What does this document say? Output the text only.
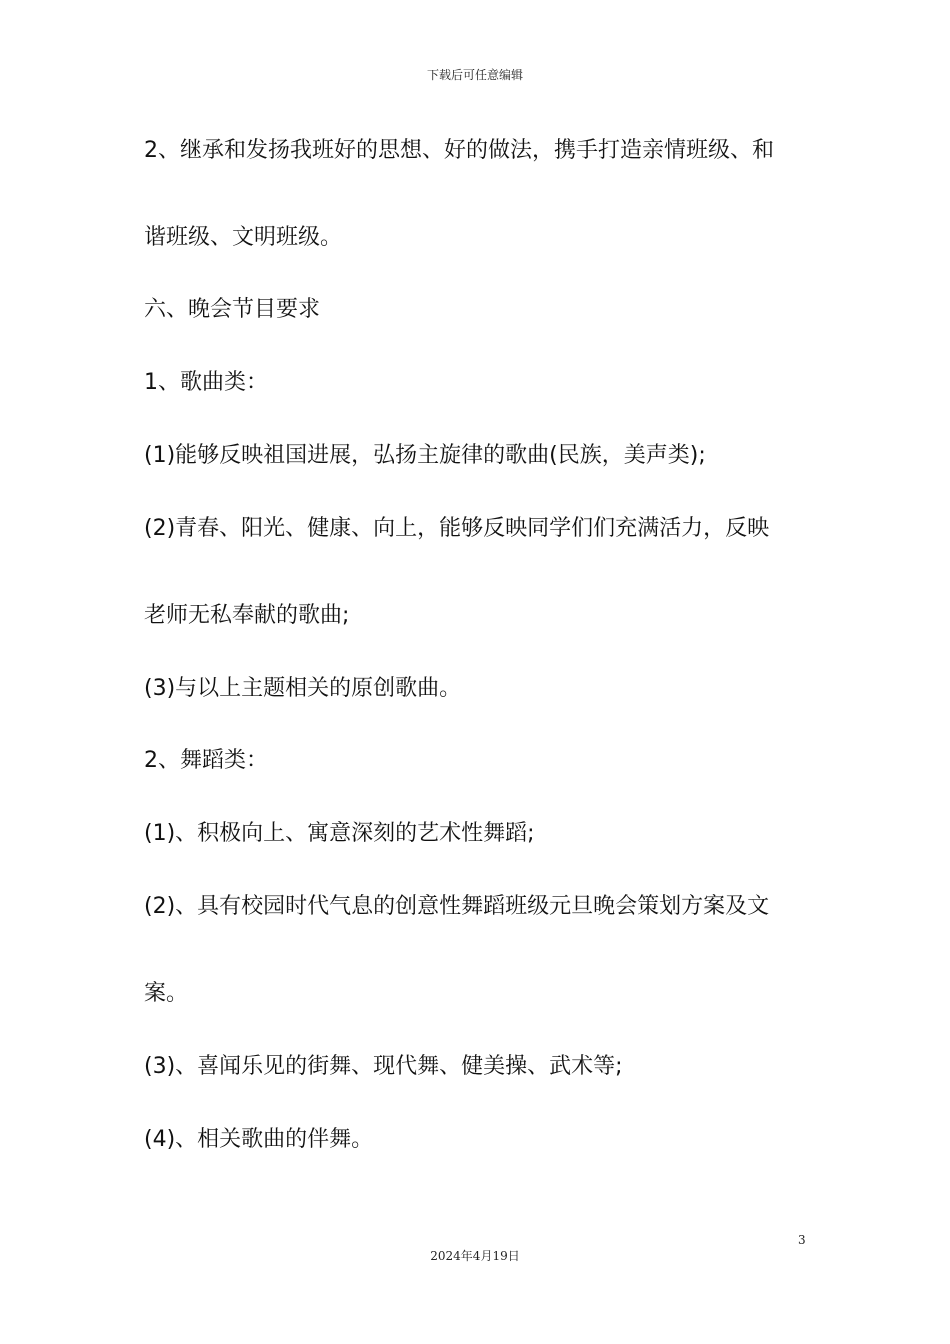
下载后可任意编辑
2、继承和发扬我班好的思想、好的做法，携手打造亲情班级、和
谐班级、文明班级。
六、晚会节目要求
1、歌曲类：
(1)能够反映祖国进展，弘扬主旋律的歌曲(民族，美声类);
(2)青春、阳光、健康、向上，能够反映同学们们充满活力，反映
老师无私奉献的歌曲;
(3)与以上主题相关的原创歌曲。
2、舞蹈类：
(1)、积极向上、寓意深刻的艺术性舞蹈;
(2)、具有校园时代气息的创意性舞蹈班级元旦晚会策划方案及文
案。
(3)、喜闻乐见的街舞、现代舞、健美操、武术等;
(4)、相关歌曲的伴舞。
3
2024年4月19日
